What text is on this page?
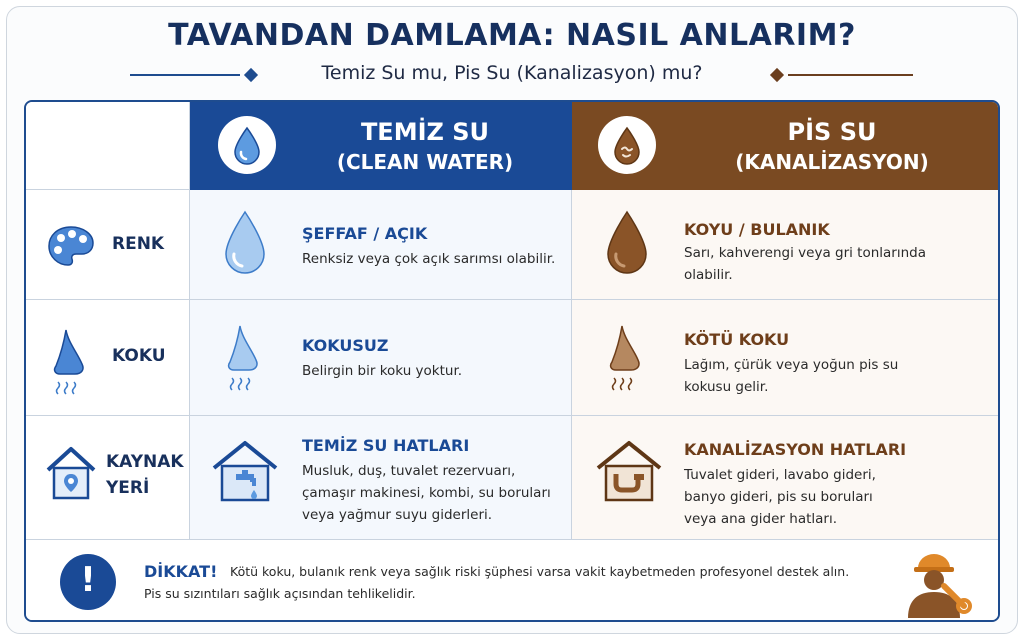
TAVANDAN DAMLAMA: NASIL ANLARIM?
Temiz Su mu, Pis Su (Kanalizasyon) mu?
TEMİZ SU
(CLEAN WATER)
PİS SU
(KANALİZASYON)
RENK
ŞEFFAF / AÇIK
Renksiz veya çok açık sarımsı olabilir.
KOYU / BULANIK
Sarı, kahverengi veya gri tonlarında
olabilir.
KOKU
KOKUSUZ
Belirgin bir koku yoktur.
KÖTÜ KOKU
Lağım, çürük veya yoğun pis su
kokusu gelir.
KAYNAK
YERİ
TEMİZ SU HATLARI
Musluk, duş, tuvalet rezervuarı,
çamaşır makinesi, kombi, su boruları
veya yağmur suyu giderleri.
KANALİZASYON HATLARI
Tuvalet gideri, lavabo gideri,
banyo gideri, pis su boruları
veya ana gider hatları.
!	DİKKAT! Kötü koku, bulanık renk veya sağlık riski şüphesi varsa vakit kaybetmeden profesyonel destek alın.
Pis su sızıntıları sağlık açısından tehlikelidir.
